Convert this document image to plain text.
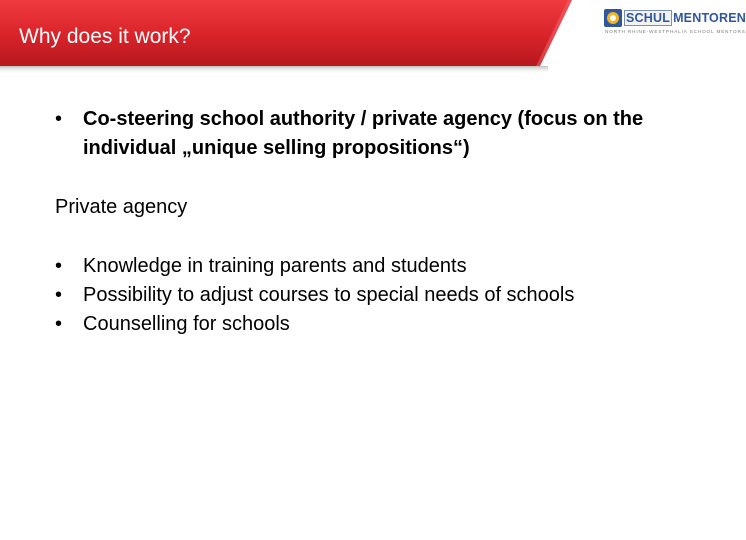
Why does it work?
SCHUL MENTOREN
NORTH RHINE-WESTPHALIA SCHOOL MENTORS
• Co-steering school authority / private agency (focus on the individual „unique selling propositions“)

Private agency

• Knowledge in training parents and students
• Possibility to adjust courses to special needs of schools
• Counselling for schools
